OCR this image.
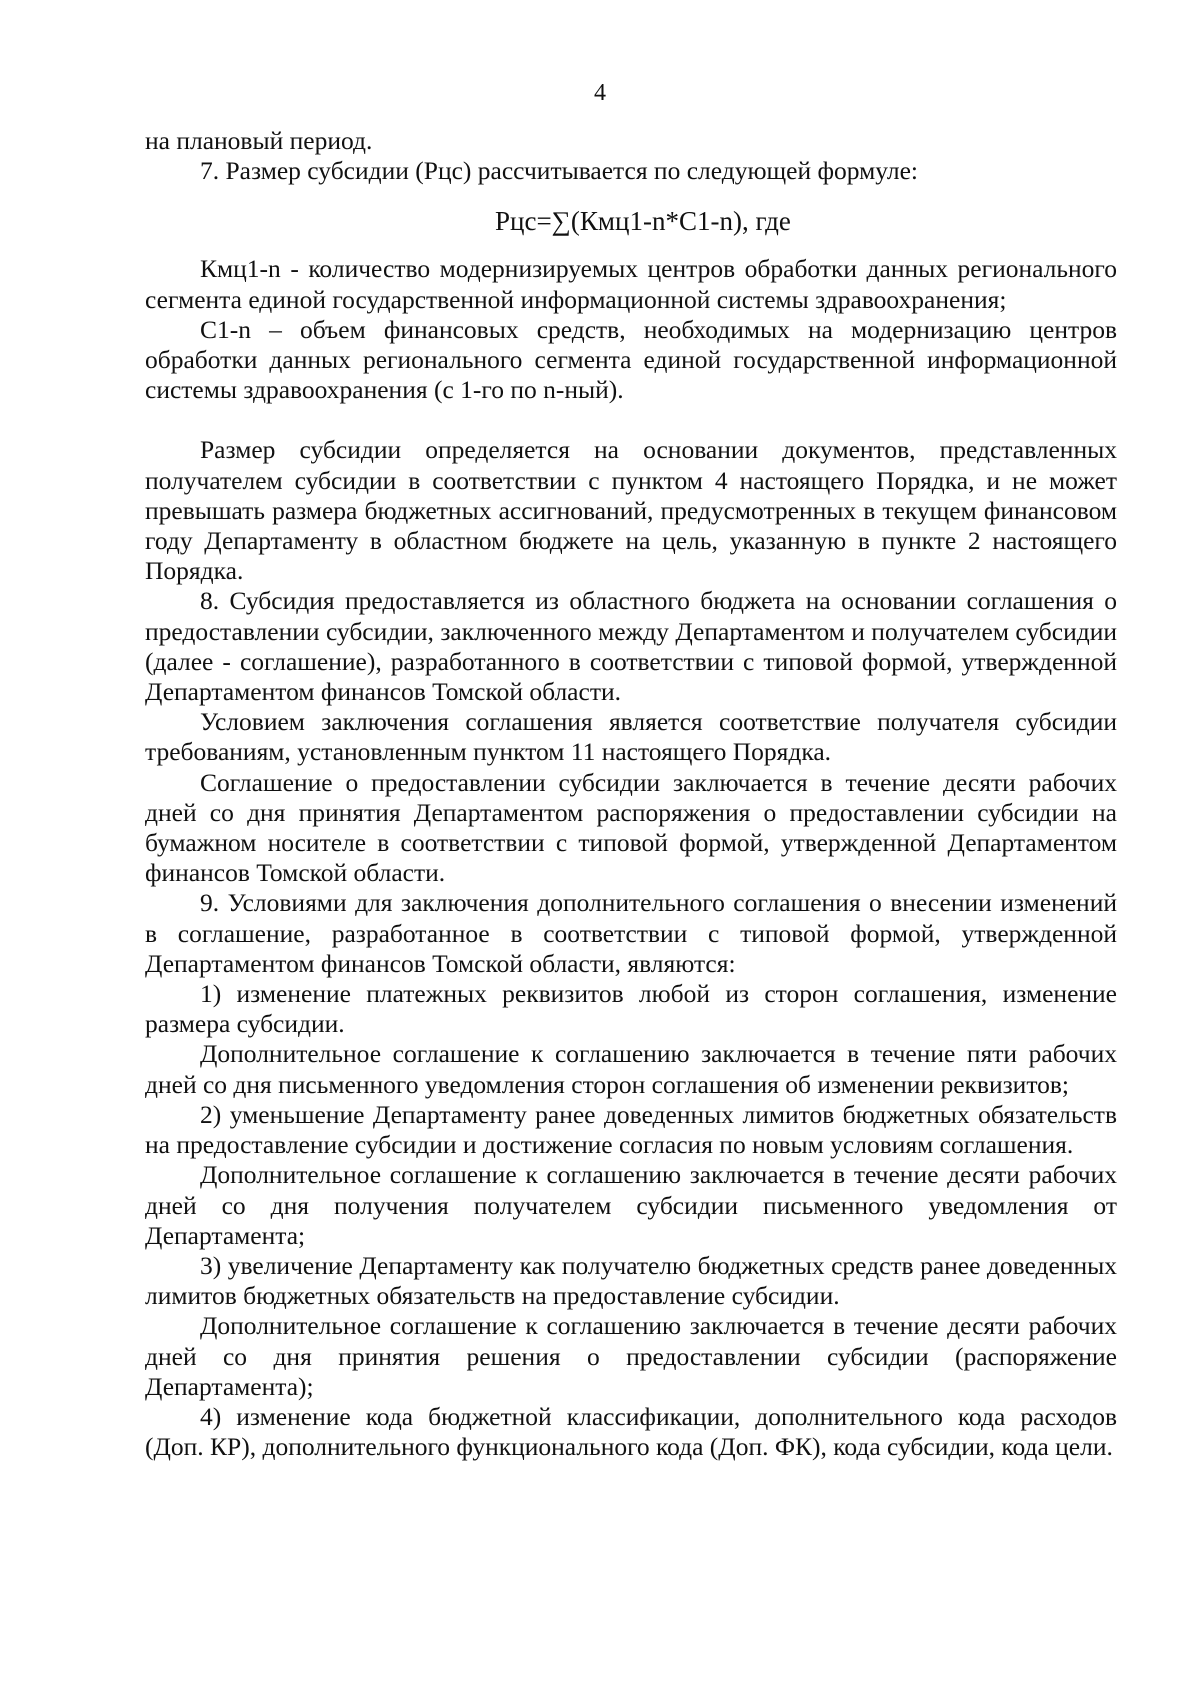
4

на плановый период.

7. Размер субсидии (Рцс) рассчитывается по следующей формуле:

Рцс=∑(Кмц1-n*С1-n), где

Кмц1-n - количество модернизируемых центров обработки данных регионального сегмента единой государственной информационной системы здравоохранения;

С1-n – объем финансовых средств, необходимых на модернизацию центров обработки данных регионального сегмента единой государственной информационной системы здравоохранения (с 1-го по n-ный).

Размер субсидии определяется на основании документов, представленных получателем субсидии в соответствии с пунктом 4 настоящего Порядка, и не может превышать размера бюджетных ассигнований, предусмотренных в текущем финансовом году Департаменту в областном бюджете на цель, указанную в пункте 2 настоящего Порядка.

8. Субсидия предоставляется из областного бюджета на основании соглашения о предоставлении субсидии, заключенного между Департаментом и получателем субсидии (далее - соглашение), разработанного в соответствии с типовой формой, утвержденной Департаментом финансов Томской области.

Условием заключения соглашения является соответствие получателя субсидии требованиям, установленным пунктом 11 настоящего Порядка.

Соглашение о предоставлении субсидии заключается в течение десяти рабочих дней со дня принятия Департаментом распоряжения о предоставлении субсидии на бумажном носителе в соответствии с типовой формой, утвержденной Департаментом финансов Томской области.

9. Условиями для заключения дополнительного соглашения о внесении изменений в соглашение, разработанное в соответствии с типовой формой, утвержденной Департаментом финансов Томской области, являются:

1) изменение платежных реквизитов любой из сторон соглашения, изменение размера субсидии.

Дополнительное соглашение к соглашению заключается в течение пяти рабочих дней со дня письменного уведомления сторон соглашения об изменении реквизитов;

2) уменьшение Департаменту ранее доведенных лимитов бюджетных обязательств на предоставление субсидии и достижение согласия по новым условиям соглашения.

Дополнительное соглашение к соглашению заключается в течение десяти рабочих дней со дня получения получателем субсидии письменного уведомления от Департамента;

3) увеличение Департаменту как получателю бюджетных средств ранее доведенных лимитов бюджетных обязательств на предоставление субсидии.

Дополнительное соглашение к соглашению заключается в течение десяти рабочих дней со дня принятия решения о предоставлении субсидии (распоряжение Департамента);

4) изменение кода бюджетной классификации, дополнительного кода расходов (Доп. КР), дополнительного функционального кода (Доп. ФК), кода субсидии, кода цели.
